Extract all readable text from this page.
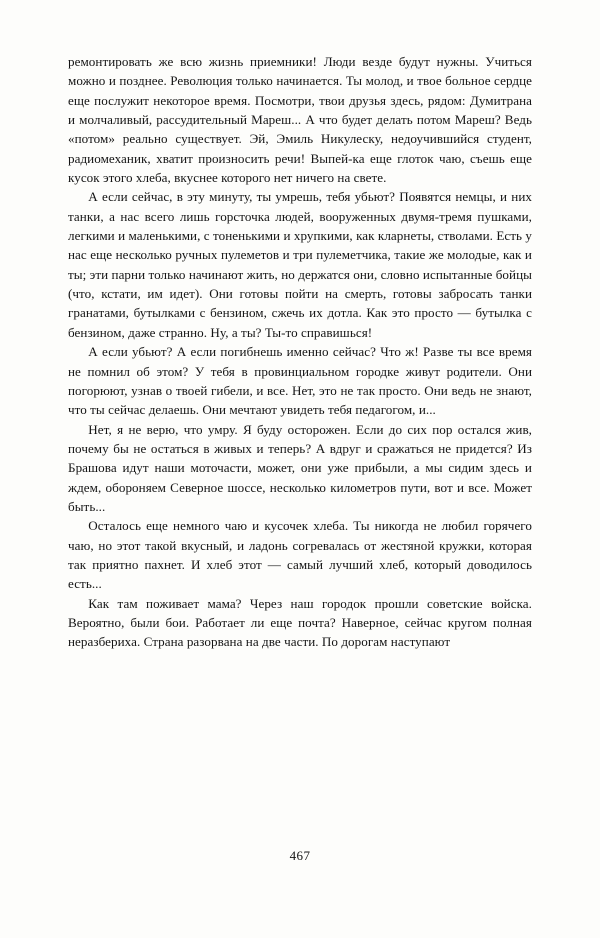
ремонтировать же всю жизнь приемники! Люди везде будут нужны. Учиться можно и позднее. Революция только начинается. Ты молод, и твое больное сердце еще послужит некоторое время. Посмотри, твои друзья здесь, рядом: Думитрана и молчаливый, рассудительный Мареш... А что будет делать потом Мареш? Ведь «потом» реально существует. Эй, Эмиль Никулеску, недоучившийся студент, радиомеханик, хватит произносить речи! Выпей-ка еще глоток чаю, съешь еще кусок этого хлеба, вкуснее которого нет ничего на свете.

А если сейчас, в эту минуту, ты умрешь, тебя убьют? Появятся немцы, и них танки, а нас всего лишь горсточка людей, вооруженных двумя-тремя пушками, легкими и маленькими, с тоненькими и хрупкими, как кларнеты, стволами. Есть у нас еще несколько ручных пулеметов и три пулеметчика, такие же молодые, как и ты; эти парни только начинают жить, но держатся они, словно испытанные бойцы (что, кстати, им идет). Они готовы пойти на смерть, готовы забросать танки гранатами, бутылками с бензином, сжечь их дотла. Как это просто — бутылка с бензином, даже странно. Ну, а ты? Ты-то справишься!

А если убьют? А если погибнешь именно сейчас? Что ж! Разве ты все время не помнил об этом? У тебя в провинциальном городке живут родители. Они погорюют, узнав о твоей гибели, и все. Нет, это не так просто. Они ведь не знают, что ты сейчас делаешь. Они мечтают увидеть тебя педагогом, и...

Нет, я не верю, что умру. Я буду осторожен. Если до сих пор остался жив, почему бы не остаться в живых и теперь? А вдруг и сражаться не придется? Из Брашова идут наши моточасти, может, они уже прибыли, а мы сидим здесь и ждем, обороняем Северное шоссе, несколько километров пути, вот и все. Может быть...

Осталось еще немного чаю и кусочек хлеба. Ты никогда не любил горячего чаю, но этот такой вкусный, и ладонь согревалась от жестяной кружки, которая так приятно пахнет. И хлеб этот — самый лучший хлеб, который доводилось есть...

Как там поживает мама? Через наш городок прошли советские войска. Вероятно, были бои. Работает ли еще почта? Наверное, сейчас кругом полная неразбериха. Страна разорвана на две части. По дорогам наступают

467
